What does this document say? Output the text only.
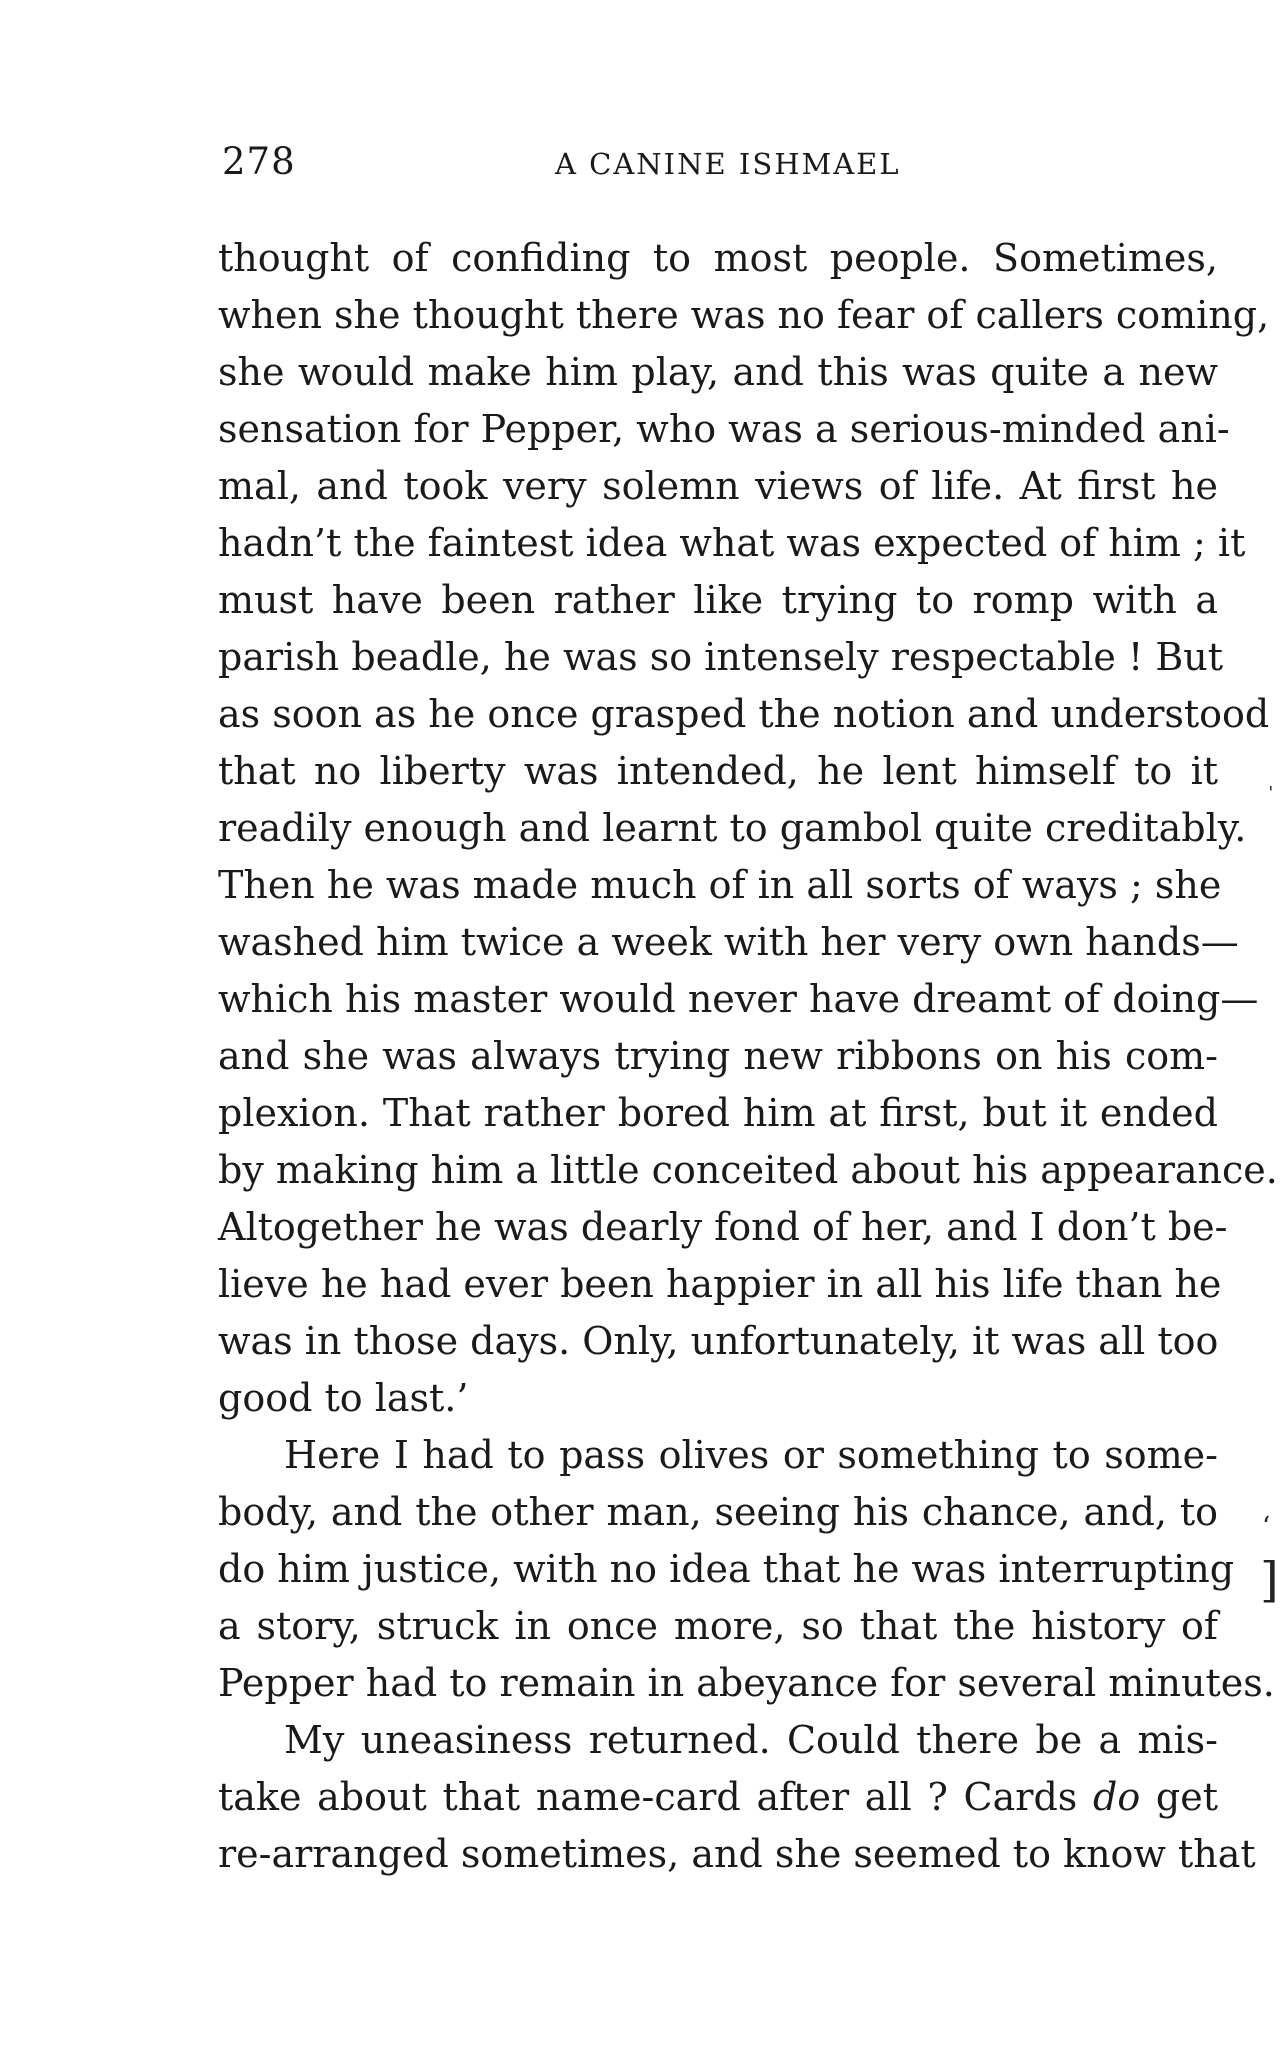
278	A CANINE ISHMAEL
thought of confiding to most people. Sometimes,
when she thought there was no fear of callers coming,
she would make him play, and this was quite a new
sensation for Pepper, who was a serious-minded ani-
mal, and took very solemn views of life. At first he
hadn’t the faintest idea what was expected of him ; it
must have been rather like trying to romp with a
parish beadle, he was so intensely respectable ! But
as soon as he once grasped the notion and understood
that no liberty was intended, he lent himself to it
readily enough and learnt to gambol quite creditably.
Then he was made much of in all sorts of ways ; she
washed him twice a week with her very own hands—
which his master would never have dreamt of doing—
and she was always trying new ribbons on his com-
plexion. That rather bored him at first, but it ended
by making him a little conceited about his appearance.
Altogether he was dearly fond of her, and I don’t be-
lieve he had ever been happier in all his life than he
was in those days. Only, unfortunately, it was all too
good to last.’
Here I had to pass olives or something to some-
body, and the other man, seeing his chance, and, to
do him justice, with no idea that he was interrupting
a story, struck in once more, so that the history of
Pepper had to remain in abeyance for several minutes.
My uneasiness returned. Could there be a mis-
take about that name-card after all ? Cards do get
re-arranged sometimes, and she seemed to know that
ˈ
‘
]
